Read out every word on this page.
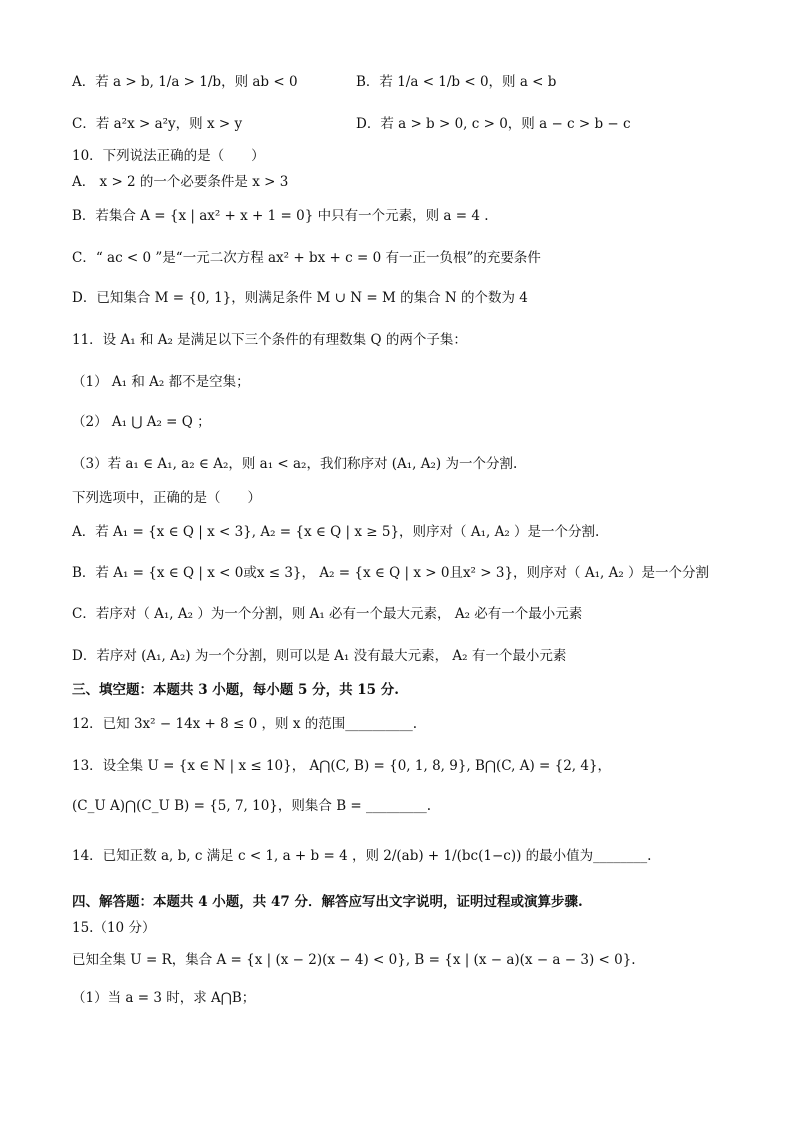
A．若 a > b, 1/a > 1/b，则 ab < 0	B．若 1/a < 1/b < 0，则 a < b
C．若 a²x > a²y，则 x > y	D．若 a > b > 0, c > 0，则 a − c > b − c
10．下列说法正确的是（　　）
A． x > 2 的一个必要条件是 x > 3
B．若集合 A = {x | ax² + x + 1 = 0} 中只有一个元素，则 a = 4 .
C．“ ac < 0 ”是“一元二次方程 ax² + bx + c = 0 有一正一负根”的充要条件
D．已知集合 M = {0, 1}，则满足条件 M ∪ N = M 的集合 N 的个数为 4
11．设 A₁ 和 A₂ 是满足以下三个条件的有理数集 Q 的两个子集：
（1） A₁ 和 A₂ 都不是空集；
（2） A₁ ⋃ A₂ = Q ；
（3）若 a₁ ∈ A₁, a₂ ∈ A₂，则 a₁ < a₂，我们称序对 (A₁, A₂) 为一个分割.
下列选项中，正确的是（　　）
A．若 A₁ = {x ∈ Q | x < 3}, A₂ = {x ∈ Q | x ≥ 5}，则序对（ A₁, A₂ ）是一个分割.
B．若 A₁ = {x ∈ Q | x < 0或x ≤ 3}， A₂ = {x ∈ Q | x > 0且x² > 3}，则序对（ A₁, A₂ ）是一个分割
C．若序对（ A₁, A₂ ）为一个分割，则 A₁ 必有一个最大元素， A₂ 必有一个最小元素
D．若序对 (A₁, A₂) 为一个分割，则可以是 A₁ 没有最大元素， A₂ 有一个最小元素
三、填空题：本题共 3 小题，每小题 5 分，共 15 分.
12．已知 3x² − 14x + 8 ≤ 0 ，则 x 的范围__________.
13．设全集 U = {x ∈ N | x ≤ 10}， A⋂(C, B) = {0, 1, 8, 9}, B⋂(C, A) = {2, 4}，
(C_U A)⋂(C_U B) = {5, 7, 10}，则集合 B = _________.
14．已知正数 a, b, c 满足 c < 1, a + b = 4 ，则 2/(ab) + 1/(bc(1−c)) 的最小值为________.
四、解答题：本题共 4 小题，共 47 分．解答应写出文字说明，证明过程或演算步骤.
15.（10 分）
已知全集 U = R，集合 A = {x | (x − 2)(x − 4) < 0}, B = {x | (x − a)(x − a − 3) < 0}.
（1）当 a = 3 时，求 A⋂B；
